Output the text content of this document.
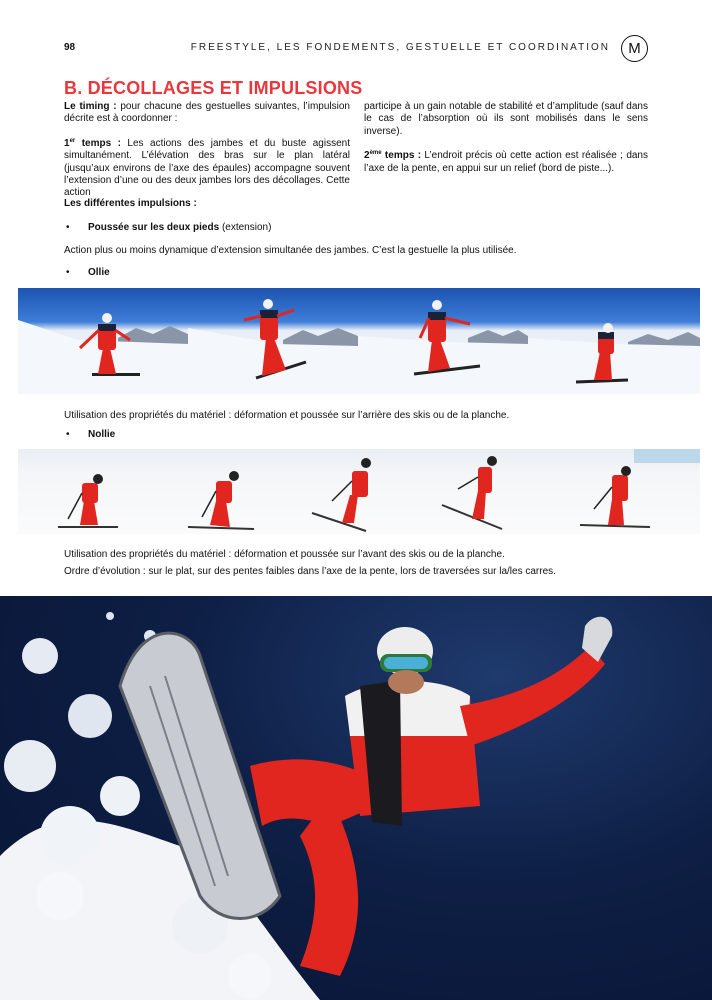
98	FREESTYLE, LES FONDEMENTS, GESTUELLE ET COORDINATION	M
B. DÉCOLLAGES ET IMPULSIONS

Le timing : pour chacune des gestuelles suivantes, l’impulsion décrite est à coordonner :

1er temps : Les actions des jambes et du buste agissent simultanément. L’élévation des bras sur le plan latéral (jusqu’aux environs de l’axe des épaules) accompagne souvent l’extension d’une ou des deux jambes lors des décollages. Cette action

participe à un gain notable de stabilité et d’amplitude (sauf dans le cas de l’absorption où ils sont mobilisés dans le sens inverse).

2ème temps : L’endroit précis où cette action est réalisée ; dans l’axe de la pente, en appui sur un relief (bord de piste...).

Les différentes impulsions :
• Poussée sur les deux pieds (extension)
Action plus ou moins dynamique d’extension simultanée des jambes. C’est la gestuelle la plus utilisée.
• Ollie
Utilisation des propriétés du matériel : déformation et poussée sur l’arrière des skis ou de la planche.
• Nollie
Utilisation des propriétés du matériel : déformation et poussée sur l’avant des skis ou de la planche.
Ordre d’évolution : sur le plat, sur des pentes faibles dans l’axe de la pente, lors de traversées sur la/les carres.
